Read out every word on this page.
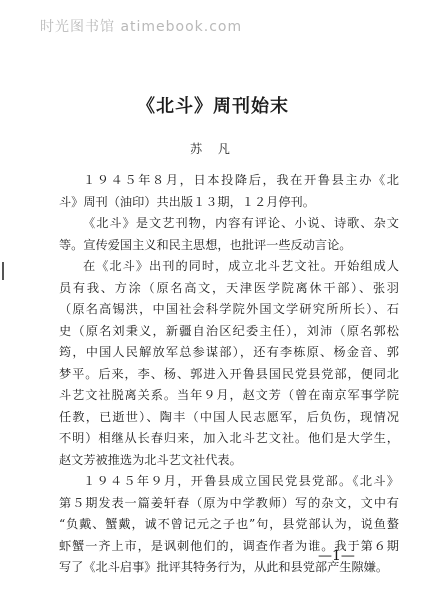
时光图书馆 atimebook.com
《北斗》周刊始末
苏 凡
１９４５年８月，日本投降后，我在开鲁县主办《北
斗》周刊（油印）共出版１３期，１２月停刊。
《北斗》是文艺刊物，内容有评论、小说、诗歌、杂文
等。宣传爱国主义和民主思想，也批评一些反动言论。
在《北斗》出刊的同时，成立北斗艺文社。开始组成人
员有我、方涂（原名高文，天津医学院离休干部）、张羽
（原名高锡洪，中国社会科学院外国文学研究所所长）、石
史（原名刘秉义，新疆自治区纪委主任），刘沛（原名郭松
筠，中国人民解放军总参谋部），还有李栋原、杨金音、郭
梦平。后来，李、杨、郭进入开鲁县国民党县党部，便同北
斗艺文社脱离关系。当年９月，赵文芳（曾在南京军事学院
任教，已逝世）、陶丰（中国人民志愿军，后负伤，现情况
不明）相继从长春归来，加入北斗艺文社。他们是大学生，
赵文芳被推选为北斗艺文社代表。
１９４５年９月，开鲁县成立国民党县党部。《北斗》
第５期发表一篇姜轩春（原为中学教师）写的杂文，文中有
“负戴、蟹戴，诚不曾记元之子也”句，县党部认为，说鱼螯
虾蟹一齐上市，是讽刺他们的，调查作者为谁。我于第６期
写了《北斗启事》批评其特务行为，从此和县党部产生隙嫌。
—1—
